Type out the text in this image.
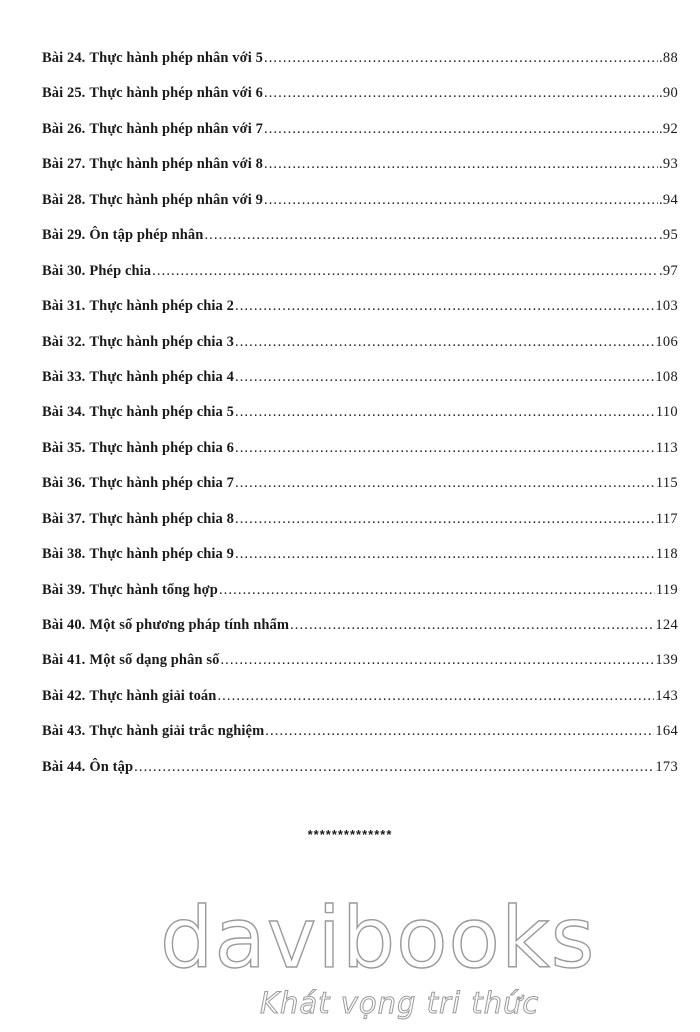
Bài 24. Thực hành phép nhân với 5 .....	.88
Bài 25. Thực hành phép nhân với 6 .....	.90
Bài 26. Thực hành phép nhân với 7 .....	.92
Bài 27. Thực hành phép nhân với 8 .....	.93
Bài 28. Thực hành phép nhân với 9 .....	.94
Bài 29. Ôn tập phép nhân .....	.95
Bài 30. Phép chia .....	.97
Bài 31. Thực hành phép chia 2 .....	103
Bài 32. Thực hành phép chia 3 .....	106
Bài 33. Thực hành phép chia 4 .....	108
Bài 34. Thực hành phép chia 5 .....	110
Bài 35. Thực hành phép chia 6 .....	113
Bài 36. Thực hành phép chia 7 .....	115
Bài 37. Thực hành phép chia 8 .....	117
Bài 38. Thực hành phép chia 9 .....	118
Bài 39. Thực hành tổng hợp .....	119
Bài 40. Một số phương pháp tính nhẩm .....	124
Bài 41. Một số dạng phân số .....	139
Bài 42. Thực hành giải toán .....	143
Bài 43. Thực hành giải trắc nghiệm .....	164
Bài 44. Ôn tập .....	173
**************
davibooks
Khát vọng tri thức
